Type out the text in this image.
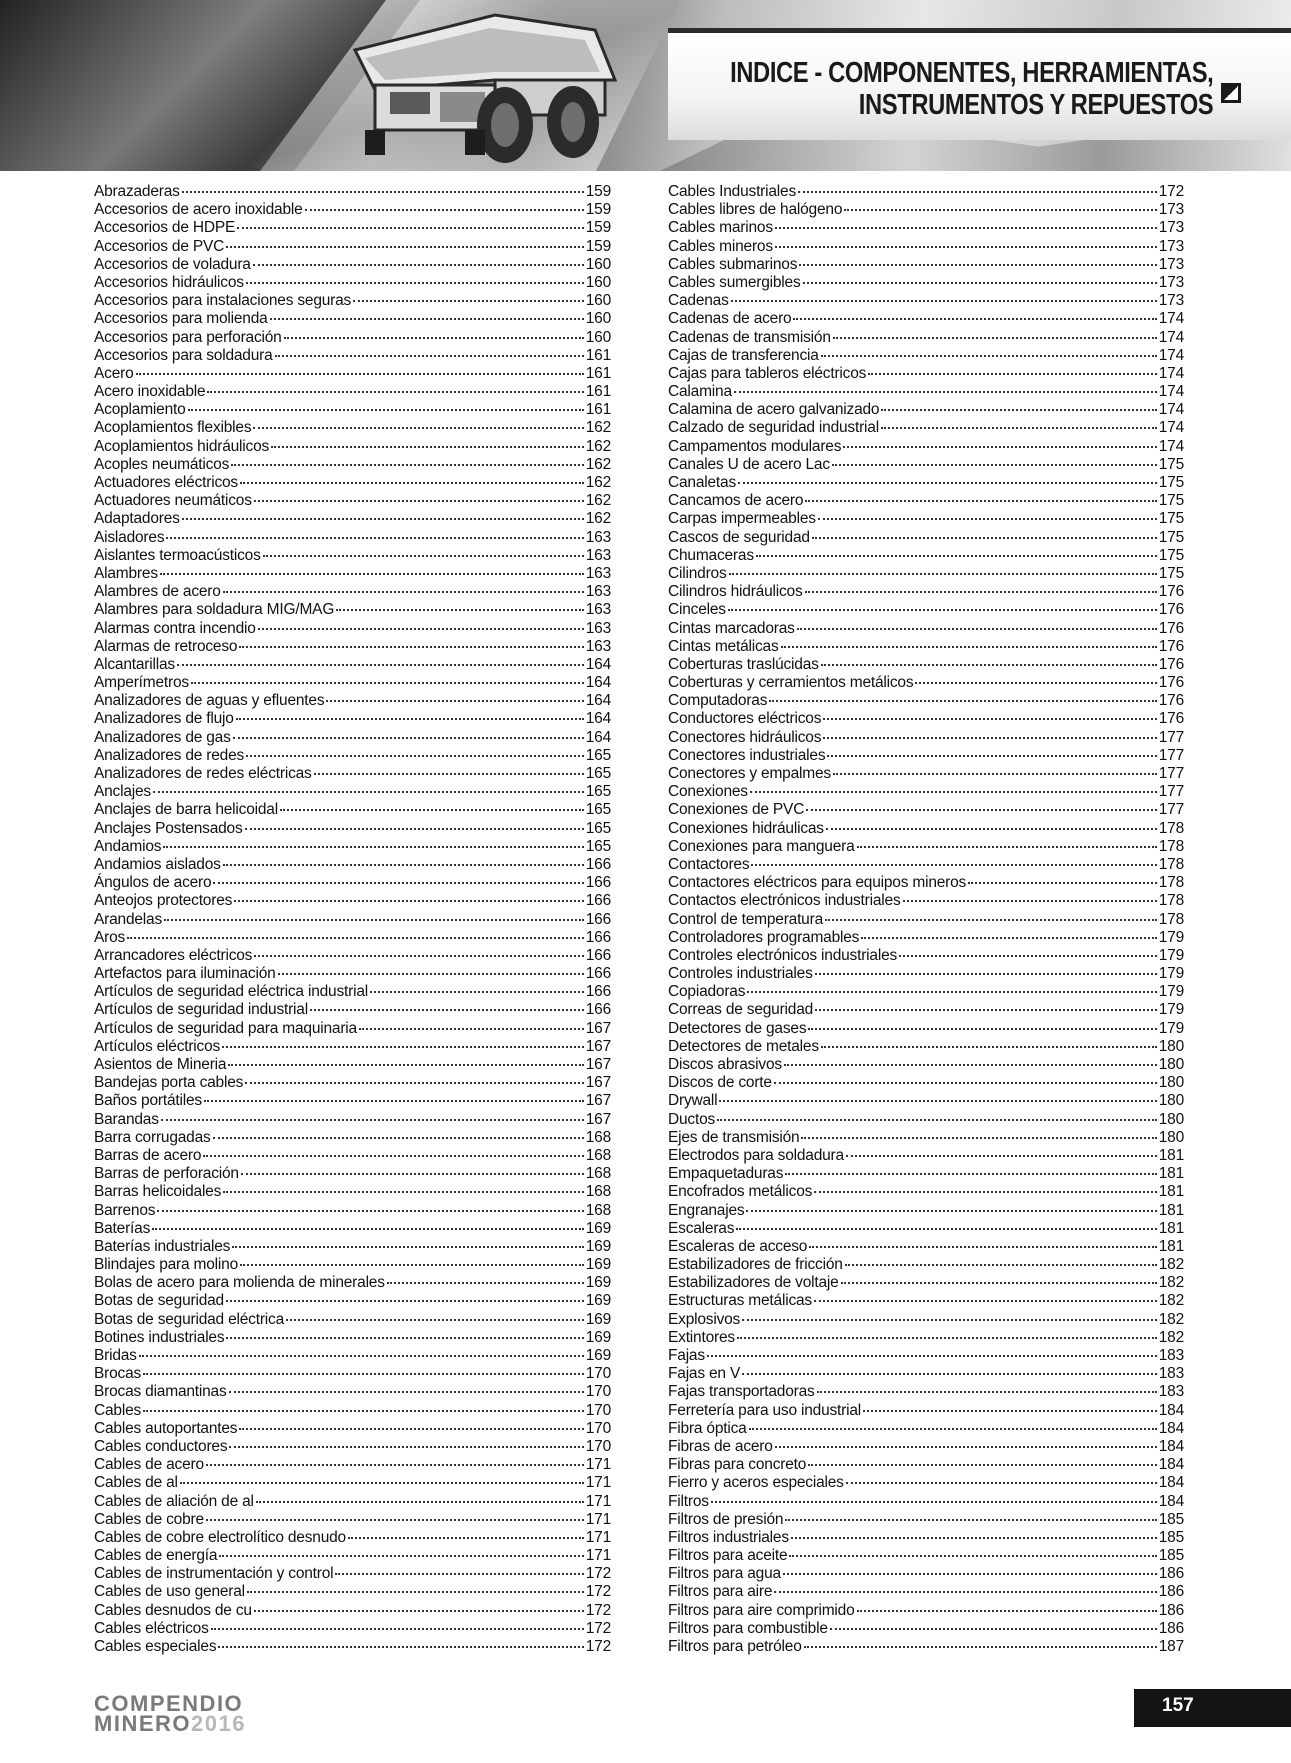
INDICE - COMPONENTES, HERRAMIENTAS,
INSTRUMENTOS Y REPUESTOS
Abrazaderas	159
Accesorios de acero inoxidable	159
Accesorios de HDPE	159
Accesorios de PVC	159
Accesorios de voladura	160
Accesorios hidráulicos	160
Accesorios para instalaciones seguras	160
Accesorios para molienda	160
Accesorios para perforación	160
Accesorios para soldadura	161
Acero	161
Acero inoxidable	161
Acoplamiento	161
Acoplamientos flexibles	162
Acoplamientos hidráulicos	162
Acoples neumáticos	162
Actuadores eléctricos	162
Actuadores neumáticos	162
Adaptadores	162
Aisladores	163
Aislantes termoacústicos	163
Alambres	163
Alambres de acero	163
Alambres para soldadura MIG/MAG	163
Alarmas contra incendio	163
Alarmas de retroceso	163
Alcantarillas	164
Amperímetros	164
Analizadores de aguas y efluentes	164
Analizadores de flujo	164
Analizadores de gas	164
Analizadores de redes	165
Analizadores de redes eléctricas	165
Anclajes	165
Anclajes de barra helicoidal	165
Anclajes Postensados	165
Andamios	165
Andamios aislados	166
Ángulos de acero	166
Anteojos protectores	166
Arandelas	166
Aros	166
Arrancadores eléctricos	166
Artefactos para iluminación	166
Artículos de seguridad eléctrica industrial	166
Artículos de seguridad industrial	166
Artículos de seguridad para maquinaria	167
Artículos eléctricos	167
Asientos de Mineria	167
Bandejas porta cables	167
Baños portátiles	167
Barandas	167
Barra corrugadas	168
Barras de acero	168
Barras de perforación	168
Barras helicoidales	168
Barrenos	168
Baterías	169
Baterías industriales	169
Blindajes para molino	169
Bolas de acero para molienda de minerales	169
Botas de seguridad	169
Botas de seguridad eléctrica	169
Botines industriales	169
Bridas	169
Brocas	170
Brocas diamantinas	170
Cables	170
Cables autoportantes	170
Cables conductores	170
Cables de acero	171
Cables de al	171
Cables de aliación de al	171
Cables de cobre	171
Cables de cobre electrolítico desnudo	171
Cables de energía	171
Cables de instrumentación y control	172
Cables de uso general	172
Cables desnudos de cu	172
Cables eléctricos	172
Cables especiales	172
Cables Industriales	172
Cables libres de halógeno	173
Cables marinos	173
Cables mineros	173
Cables submarinos	173
Cables sumergibles	173
Cadenas	173
Cadenas de acero	174
Cadenas de transmisión	174
Cajas de transferencia	174
Cajas para tableros eléctricos	174
Calamina	174
Calamina de acero galvanizado	174
Calzado de seguridad industrial	174
Campamentos modulares	174
Canales U de acero Lac	175
Canaletas	175
Cancamos de acero	175
Carpas impermeables	175
Cascos de seguridad	175
Chumaceras	175
Cilindros	175
Cilindros hidráulicos	176
Cinceles	176
Cintas marcadoras	176
Cintas metálicas	176
Coberturas traslúcidas	176
Coberturas y cerramientos metálicos	176
Computadoras	176
Conductores eléctricos	176
Conectores hidráulicos	177
Conectores industriales	177
Conectores y empalmes	177
Conexiones	177
Conexiones de PVC	177
Conexiones hidráulicas	178
Conexiones para manguera	178
Contactores	178
Contactores eléctricos para equipos mineros	178
Contactos electrónicos industriales	178
Control de temperatura	178
Controladores programables	179
Controles electrónicos industriales	179
Controles industriales	179
Copiadoras	179
Correas de seguridad	179
Detectores de gases	179
Detectores de metales	180
Discos abrasivos	180
Discos de corte	180
Drywall	180
Ductos	180
Ejes de transmisión	180
Electrodos para soldadura	181
Empaquetaduras	181
Encofrados metálicos	181
Engranajes	181
Escaleras	181
Escaleras de acceso	181
Estabilizadores de fricción	182
Estabilizadores de voltaje	182
Estructuras metálicas	182
Explosivos	182
Extintores	182
Fajas	183
Fajas en V	183
Fajas transportadoras	183
Ferretería para uso industrial	184
Fibra óptica	184
Fibras de acero	184
Fibras para concreto	184
Fierro y aceros especiales	184
Filtros	184
Filtros de presión	185
Filtros industriales	185
Filtros para aceite	185
Filtros para agua	186
Filtros para aire	186
Filtros para aire comprimido	186
Filtros para combustible	186
Filtros para petróleo	187
COMPENDIO
MINERO2016
157
